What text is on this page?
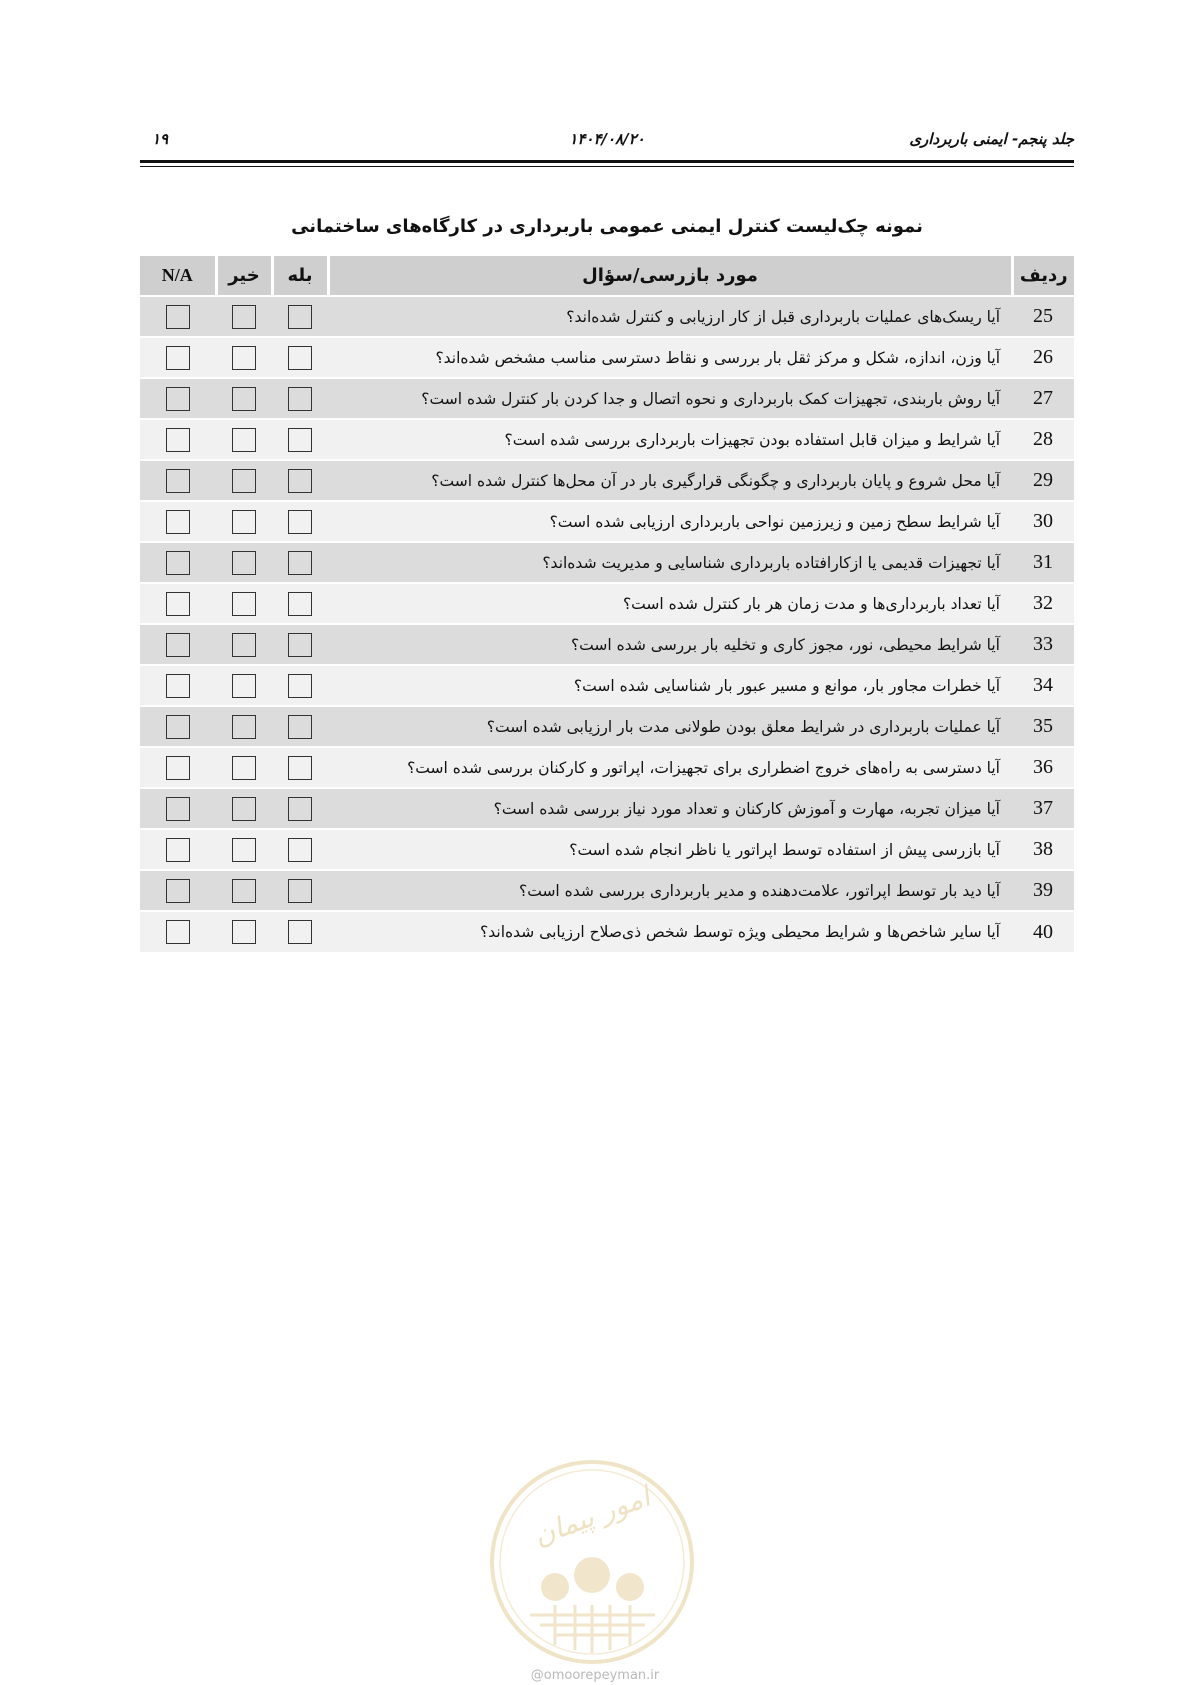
جلد پنجم- ایمنی باربرداری
۱۴۰۴/۰۸/۲۰
۱۹
نمونه چک‌لیست کنترل ایمنی عمومی باربرداری در کارگاه‌های ساختمانی
ردیف	مورد بازرسی/سؤال	بله	خیر	N/A
25	آیا ریسک‌های عملیات باربرداری قبل از کار ارزیابی و کنترل شده‌اند؟			
26	آیا وزن، اندازه، شکل و مرکز ثقل بار بررسی و نقاط دسترسی مناسب مشخص شده‌اند؟			
27	آیا روش باربندی، تجهیزات کمک باربرداری و نحوه اتصال و جدا کردن بار کنترل شده است؟			
28	آیا شرایط و میزان قابل استفاده بودن تجهیزات باربرداری بررسی شده است؟			
29	آیا محل شروع و پایان باربرداری و چگونگی قرارگیری بار در آن محل‌ها کنترل شده است؟			
30	آیا شرایط سطح زمین و زیرزمین نواحی باربرداری ارزیابی شده است؟			
31	آیا تجهیزات قدیمی یا ازکارافتاده باربرداری شناسایی و مدیریت شده‌اند؟			
32	آیا تعداد باربرداری‌ها و مدت زمان هر بار کنترل شده است؟			
33	آیا شرایط محیطی، نور، مجوز کاری و تخلیه بار بررسی شده است؟			
34	آیا خطرات مجاور بار، موانع و مسیر عبور بار شناسایی شده است؟			
35	آیا عملیات باربرداری در شرایط معلق بودن طولانی مدت بار ارزیابی شده است؟			
36	آیا دسترسی به راه‌های خروج اضطراری برای تجهیزات، اپراتور و کارکنان بررسی شده است؟			
37	آیا میزان تجربه، مهارت و آموزش کارکنان و تعداد مورد نیاز بررسی شده است؟			
38	آیا بازرسی پیش از استفاده توسط اپراتور یا ناظر انجام شده است؟			
39	آیا دید بار توسط اپراتور، علامت‌دهنده و مدیر باربرداری بررسی شده است؟			
40	آیا سایر شاخص‌ها و شرایط محیطی ویژه توسط شخص ذی‌صلاح ارزیابی شده‌اند؟			
امور پیمان
@omoorepeyman.ir
